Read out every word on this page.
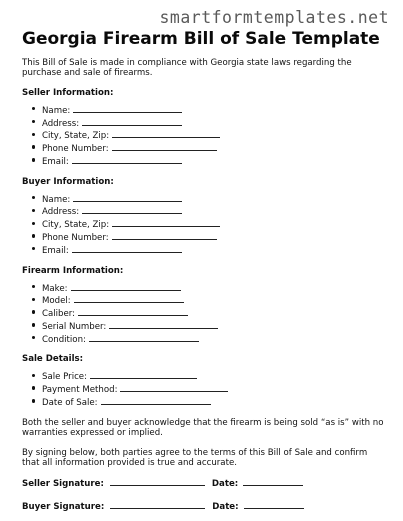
smartformtemplates.net
Georgia Firearm Bill of Sale Template

This Bill of Sale is made in compliance with Georgia state laws regarding the purchase and sale of firearms.

Seller Information:
Name:
Address:
City, State, Zip:
Phone Number:
Email:
Buyer Information:
Name:
Address:
City, State, Zip:
Phone Number:
Email:
Firearm Information:
Make:
Model:
Caliber:
Serial Number:
Condition:
Sale Details:
Sale Price:
Payment Method:
Date of Sale:

Both the seller and buyer acknowledge that the firearm is being sold “as is” with no warranties expressed or implied.

By signing below, both parties agree to the terms of this Bill of Sale and confirm that all information provided is true and accurate.

Seller Signature:	Date:
Buyer Signature:	Date:
